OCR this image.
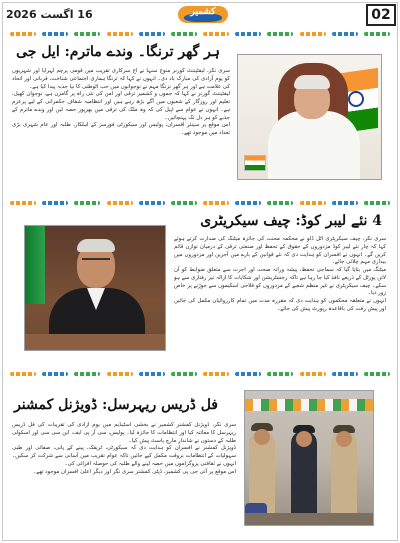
16 اگست 2026	کشمیر	02
ہر گھر ترنگا۔ وندے ماترم: ایل جی

سری نگر، لیفٹیننٹ گورنر منوج سنہا نے آج سرکاری تقریب میں قومی پرچم لہرایا اور شہریوں کو یوم آزادی کی مبارک باد دی۔ انہوں نے کہا کہ ترنگا ہماری اجتماعی شناخت، قربانی اور اتحاد کی علامت ہے اور ہر گھر ترنگا مہم نے نوجوانوں میں حب الوطنی کا نیا جذبہ پیدا کیا ہے۔

لیفٹیننٹ گورنر نے کہا کہ جموں و کشمیر ترقی اور امن کی نئی راہ پر گامزن ہے، نوجوان کھیل، تعلیم اور روزگار کے شعبوں میں آگے بڑھ رہے ہیں اور انتظامیہ شفاف حکمرانی کے لیے پرعزم ہے۔ انہوں نے عوام سے اپیل کی کہ وہ ملک کی ترقی میں بھرپور حصہ لیں اور وندے ماترم کے جذبے کو ہر دل تک پہنچائیں۔

اس موقع پر سینئر افسران، پولیس اور سیکورٹی فورسز کے اہلکار، طلبہ اور عام شہری بڑی تعداد میں موجود تھے۔

4 نئے لیبر کوڈ: چیف سیکریٹری

سری نگر، چیف سیکریٹری اٹل ڈلو نے محکمہ محنت کی جائزہ میٹنگ کی صدارت کرتے ہوئے کہا کہ چار نئے لیبر کوڈ مزدوروں کے حقوق کے تحفظ اور صنعتی ترقی کے درمیان توازن قائم کریں گے۔ انہوں نے افسران کو ہدایت دی کہ نئے قوانین کے بارے میں آجرین اور مزدوروں میں بیداری مہم چلائی جائے۔

میٹنگ میں بتایا گیا کہ سماجی تحفظ، پیشہ ورانہ صحت اور اجرت سے متعلق ضوابط کو آن لائن پورٹل کے ذریعے نافذ کیا جا رہا ہے تاکہ رجسٹریشن اور شکایات کا ازالہ تیز رفتاری سے ہو سکے۔ چیف سیکریٹری نے غیر منظم شعبے کے مزدوروں کو فلاحی اسکیموں سے جوڑنے پر خاص زور دیا۔

انہوں نے متعلقہ محکموں کو ہدایت دی کہ مقررہ مدت میں تمام کارروائیاں مکمل کی جائیں اور پیش رفت کی باقاعدہ رپورٹ پیش کی جائے۔

فل ڈریس ریہرسل: ڈویژنل کمشنر

سری نگر، ڈویژنل کمشنر کشمیر نے بخشی اسٹیڈیم میں یوم آزادی کی تقریبات کی فل ڈریس ریہرسل کا معائنہ کیا اور انتظامات کا جائزہ لیا۔ پولیس، سی آر پی ایف، این سی سی اور اسکولی طلبہ کے دستوں نے شاندار مارچ پاسٹ پیش کیا۔

ڈویژنل کمشنر نے افسران کو ہدایت دی کہ سیکورٹی، ٹریفک، پینے کے پانی، صفائی اور طبی سہولیات کے انتظامات بروقت مکمل کیے جائیں تاکہ عوام تقریب میں آسانی سے شرکت کر سکیں۔ انہوں نے ثقافتی پروگراموں میں حصہ لینے والے طلبہ کی حوصلہ افزائی کی۔

اس موقع پر آئی جی پی کشمیر، ڈپٹی کمشنر سری نگر اور دیگر اعلیٰ افسران موجود تھے۔
